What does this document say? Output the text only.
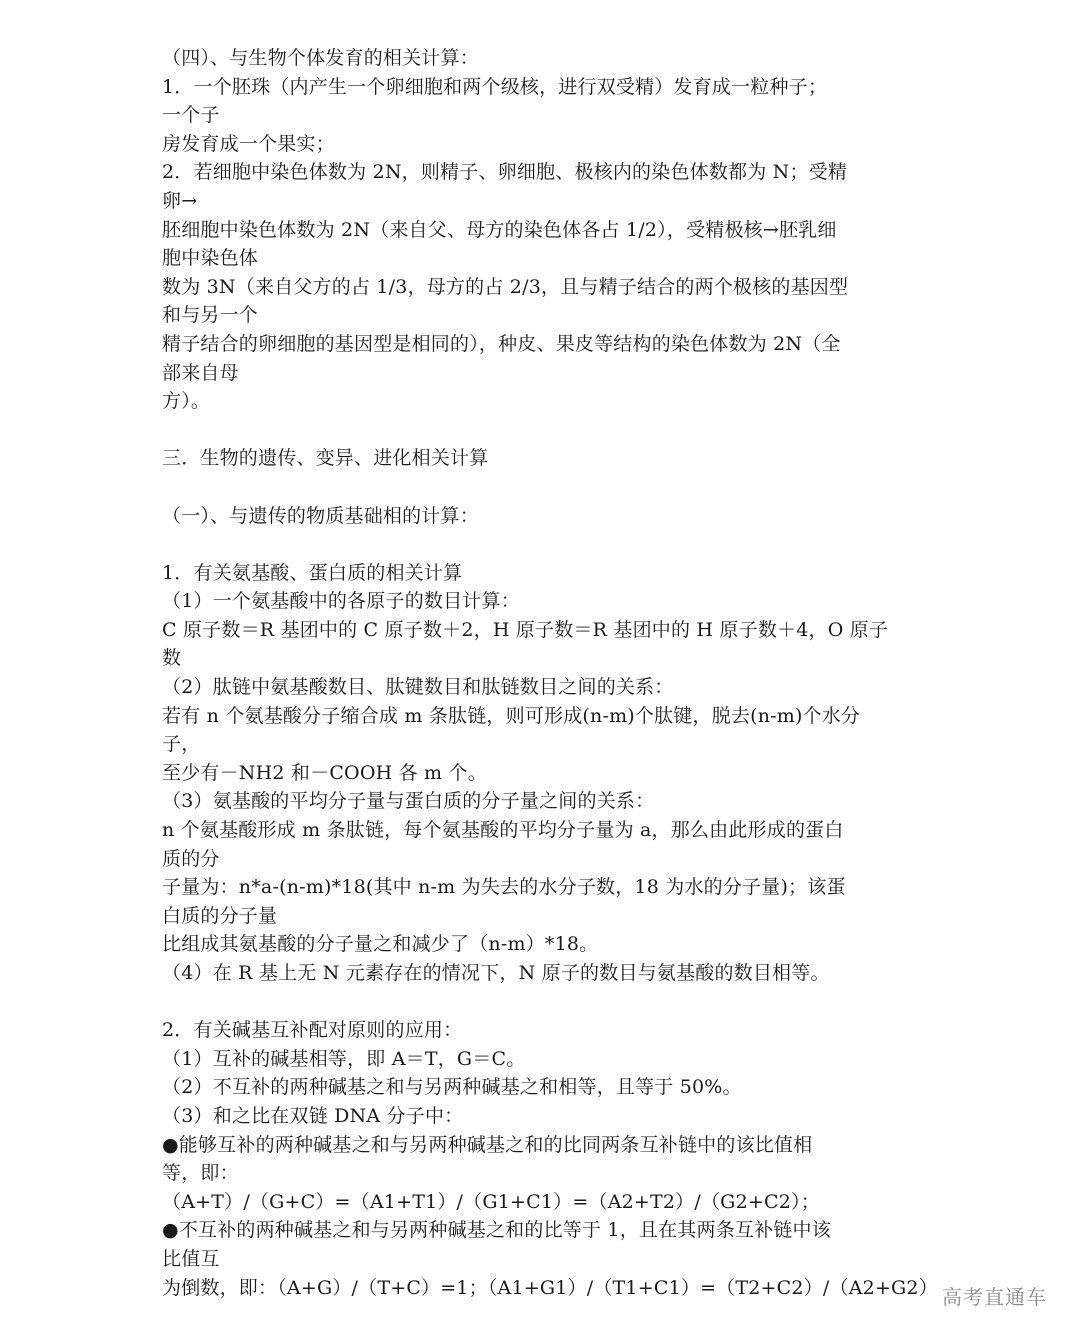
（四）、与生物个体发育的相关计算：
1．一个胚珠（内产生一个卵细胞和两个级核，进行双受精）发育成一粒种子；
一个子
房发育成一个果实；
2．若细胞中染色体数为 2N，则精子、卵细胞、极核内的染色体数都为 N；受精
卵→
胚细胞中染色体数为 2N（来自父、母方的染色体各占 1/2），受精极核→胚乳细
胞中染色体
数为 3N（来自父方的占 1/3，母方的占 2/3，且与精子结合的两个极核的基因型
和与另一个
精子结合的卵细胞的基因型是相同的），种皮、果皮等结构的染色体数为 2N（全
部来自母
方）。
三．生物的遗传、变异、进化相关计算
（一）、与遗传的物质基础相的计算：
1．有关氨基酸、蛋白质的相关计算
（1）一个氨基酸中的各原子的数目计算：
C 原子数＝R 基团中的 C 原子数＋2，H 原子数＝R 基团中的 H 原子数＋4，O 原子
数
（2）肽链中氨基酸数目、肽键数目和肽链数目之间的关系：
若有 n 个氨基酸分子缩合成 m 条肽链，则可形成(n-m)个肽键，脱去(n-m)个水分
子，
至少有－NH2 和－COOH 各 m 个。
（3）氨基酸的平均分子量与蛋白质的分子量之间的关系：
n 个氨基酸形成 m 条肽链，每个氨基酸的平均分子量为 a，那么由此形成的蛋白
质的分
子量为：n*a-(n-m)*18(其中 n-m 为失去的水分子数，18 为水的分子量)；该蛋
白质的分子量
比组成其氨基酸的分子量之和减少了（n-m）*18。
（4）在 R 基上无 N 元素存在的情况下，N 原子的数目与氨基酸的数目相等。
2．有关碱基互补配对原则的应用：
（1）互补的碱基相等，即 A＝T，G＝C。
（2）不互补的两种碱基之和与另两种碱基之和相等，且等于 50%。
（3）和之比在双链 DNA 分子中：
●能够互补的两种碱基之和与另两种碱基之和的比同两条互补链中的该比值相
等，即：
（A+T）/（G+C）=（A1+T1）/（G1+C1）=（A2+T2）/（G2+C2）；
●不互补的两种碱基之和与另两种碱基之和的比等于 1，且在其两条互补链中该
比值互
为倒数，即：（A+G）/（T+C）=1；（A1+G1）/（T1+C1）=（T2+C2）/（A2+G2） 高考直通车
